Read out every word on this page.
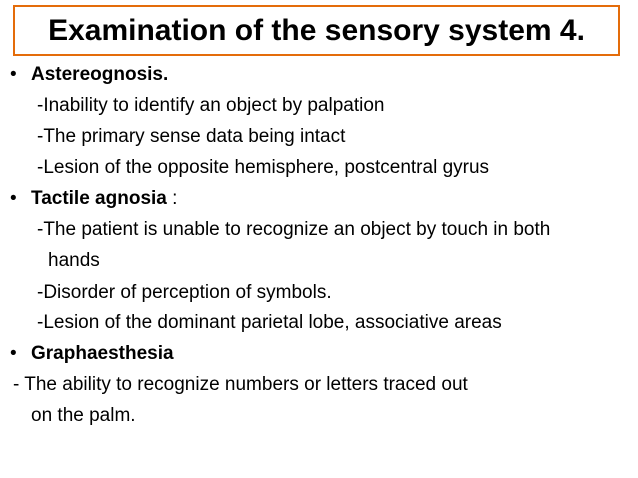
Examination of the sensory system 4.
• Astereognosis.
-Inability to identify an object by palpation
-The primary sense data being intact
-Lesion of the opposite hemisphere, postcentral gyrus
• Tactile agnosia :
-The patient is unable to recognize an object by touch in both
hands
-Disorder of perception of symbols.
-Lesion of the dominant parietal lobe, associative areas
• Graphaesthesia
- The ability to recognize numbers or letters traced out
on the palm.
